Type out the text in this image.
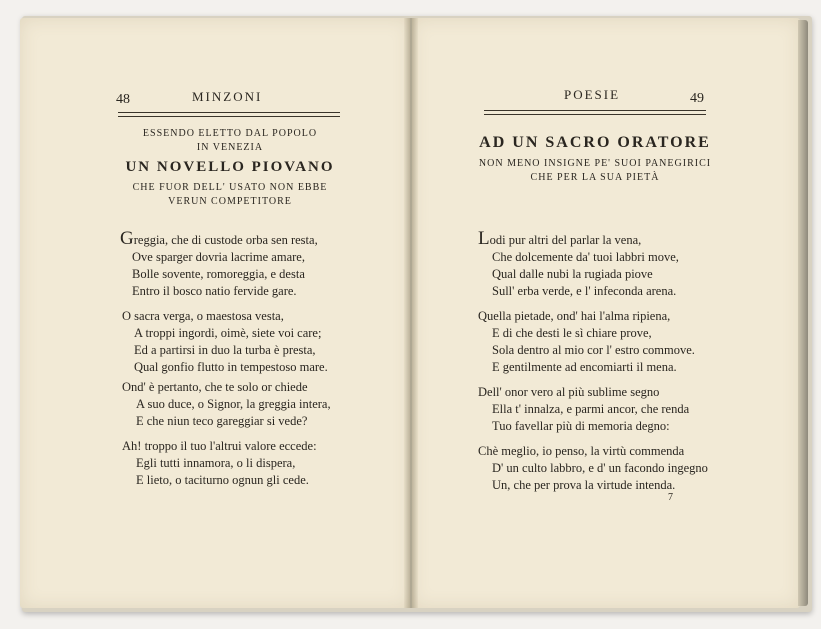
48	MINZONI
ESSENDO ELETTO DAL POPOLO
IN VENEZIA
UN NOVELLO PIOVANO
CHE FUOR DELL' USATO NON EBBE
VERUN COMPETITORE
Greggia, che di custode orba sen resta,
Ove sparger dovria lacrime amare,
Bolle sovente, romoreggia, e desta
Entro il bosco natio fervide gare.
O sacra verga, o maestosa vesta,
A troppi ingordi, oimè, siete voi care;
Ed a partirsi in duo la turba è presta,
Qual gonfio flutto in tempestoso mare.
Ond' è pertanto, che te solo or chiede
A suo duce, o Signor, la greggia intera,
E che niun teco gareggiar si vede?
Ah! troppo il tuo l'altrui valore eccede:
Egli tutti innamora, o li dispera,
E lieto, o taciturno ognun gli cede.
POESIE	49
AD UN SACRO ORATORE
NON MENO INSIGNE PE' SUOI PANEGIRICI
CHE PER LA SUA PIETÀ
Lodi pur altri del parlar la vena,
Che dolcemente da' tuoi labbri move,
Qual dalle nubi la rugiada piove
Sull' erba verde, e l' infeconda arena.
Quella pietade, ond' hai l'alma ripiena,
E di che desti le sì chiare prove,
Sola dentro al mio cor l' estro commove.
E gentilmente ad encomiarti il mena.
Dell' onor vero al più sublime segno
Ella t' innalza, e parmi ancor, che renda
Tuo favellar più di memoria degno:
Chè meglio, io penso, la virtù commenda
D' un culto labbro, e d' un facondo ingegno
Un, che per prova la virtude intenda.
7
